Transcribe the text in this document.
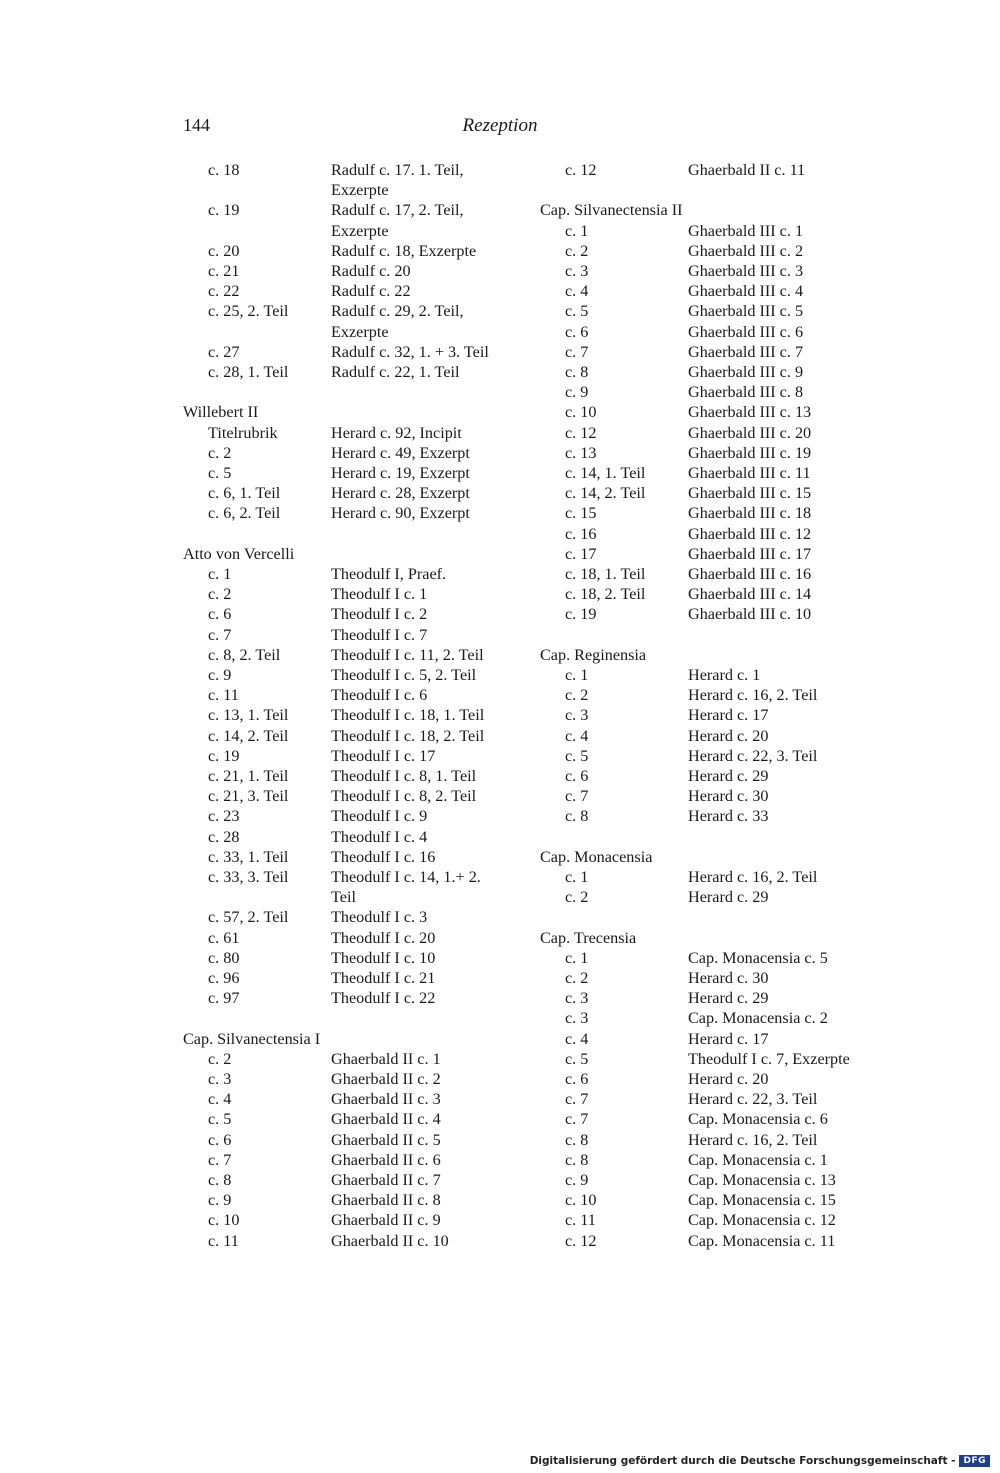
144	Rezeption
c. 18	Radulf c. 17. 1. Teil, Exzerpte
c. 19	Radulf c. 17, 2. Teil, Exzerpte
c. 20	Radulf c. 18, Exzerpte
c. 21	Radulf c. 20
c. 22	Radulf c. 22
c. 25, 2. Teil	Radulf c. 29, 2. Teil, Exzerpte
c. 27	Radulf c. 32, 1. + 3. Teil
c. 28, 1. Teil	Radulf c. 22, 1. Teil
Willebert II
Titelrubrik	Herard c. 92, Incipit
c. 2	Herard c. 49, Exzerpt
c. 5	Herard c. 19, Exzerpt
c. 6, 1. Teil	Herard c. 28, Exzerpt
c. 6, 2. Teil	Herard c. 90, Exzerpt
Atto von Vercelli
c. 1	Theodulf I, Praef.
c. 2	Theodulf I c. 1
c. 6	Theodulf I c. 2
c. 7	Theodulf I c. 7
c. 8, 2. Teil	Theodulf I c. 11, 2. Teil
c. 9	Theodulf I c. 5, 2. Teil
c. 11	Theodulf I c. 6
c. 13, 1. Teil	Theodulf I c. 18, 1. Teil
c. 14, 2. Teil	Theodulf I c. 18, 2. Teil
c. 19	Theodulf I c. 17
c. 21, 1. Teil	Theodulf I c. 8, 1. Teil
c. 21, 3. Teil	Theodulf I c. 8, 2. Teil
c. 23	Theodulf I c. 9
c. 28	Theodulf I c. 4
c. 33, 1. Teil	Theodulf I c. 16
c. 33, 3. Teil	Theodulf I c. 14, 1.+ 2. Teil
c. 57, 2. Teil	Theodulf I c. 3
c. 61	Theodulf I c. 20
c. 80	Theodulf I c. 10
c. 96	Theodulf I c. 21
c. 97	Theodulf I c. 22
Cap. Silvanectensia I
c. 2	Ghaerbald II c. 1
c. 3	Ghaerbald II c. 2
c. 4	Ghaerbald II c. 3
c. 5	Ghaerbald II c. 4
c. 6	Ghaerbald II c. 5
c. 7	Ghaerbald II c. 6
c. 8	Ghaerbald II c. 7
c. 9	Ghaerbald II c. 8
c. 10	Ghaerbald II c. 9
c. 11	Ghaerbald II c. 10
c. 12	Ghaerbald II c. 11
Cap. Silvanectensia II
c. 1	Ghaerbald III c. 1
c. 2	Ghaerbald III c. 2
c. 3	Ghaerbald III c. 3
c. 4	Ghaerbald III c. 4
c. 5	Ghaerbald III c. 5
c. 6	Ghaerbald III c. 6
c. 7	Ghaerbald III c. 7
c. 8	Ghaerbald III c. 9
c. 9	Ghaerbald III c. 8
c. 10	Ghaerbald III c. 13
c. 12	Ghaerbald III c. 20
c. 13	Ghaerbald III c. 19
c. 14, 1. Teil	Ghaerbald III c. 11
c. 14, 2. Teil	Ghaerbald III c. 15
c. 15	Ghaerbald III c. 18
c. 16	Ghaerbald III c. 12
c. 17	Ghaerbald III c. 17
c. 18, 1. Teil	Ghaerbald III c. 16
c. 18, 2. Teil	Ghaerbald III c. 14
c. 19	Ghaerbald III c. 10
Cap. Reginensia
c. 1	Herard c. 1
c. 2	Herard c. 16, 2. Teil
c. 3	Herard c. 17
c. 4	Herard c. 20
c. 5	Herard c. 22, 3. Teil
c. 6	Herard c. 29
c. 7	Herard c. 30
c. 8	Herard c. 33
Cap. Monacensia
c. 1	Herard c. 16, 2. Teil
c. 2	Herard c. 29
Cap. Trecensia
c. 1	Cap. Monacensia c. 5
c. 2	Herard c. 30
c. 3	Herard c. 29
c. 3	Cap. Monacensia c. 2
c. 4	Herard c. 17
c. 5	Theodulf I c. 7, Exzerpte
c. 6	Herard c. 20
c. 7	Herard c. 22, 3. Teil
c. 7	Cap. Monacensia c. 6
c. 8	Herard c. 16, 2. Teil
c. 8	Cap. Monacensia c. 1
c. 9	Cap. Monacensia c. 13
c. 10	Cap. Monacensia c. 15
c. 11	Cap. Monacensia c. 12
c. 12	Cap. Monacensia c. 11
Digitalisierung gefördert durch die Deutsche Forschungsgemeinschaft - DFG
